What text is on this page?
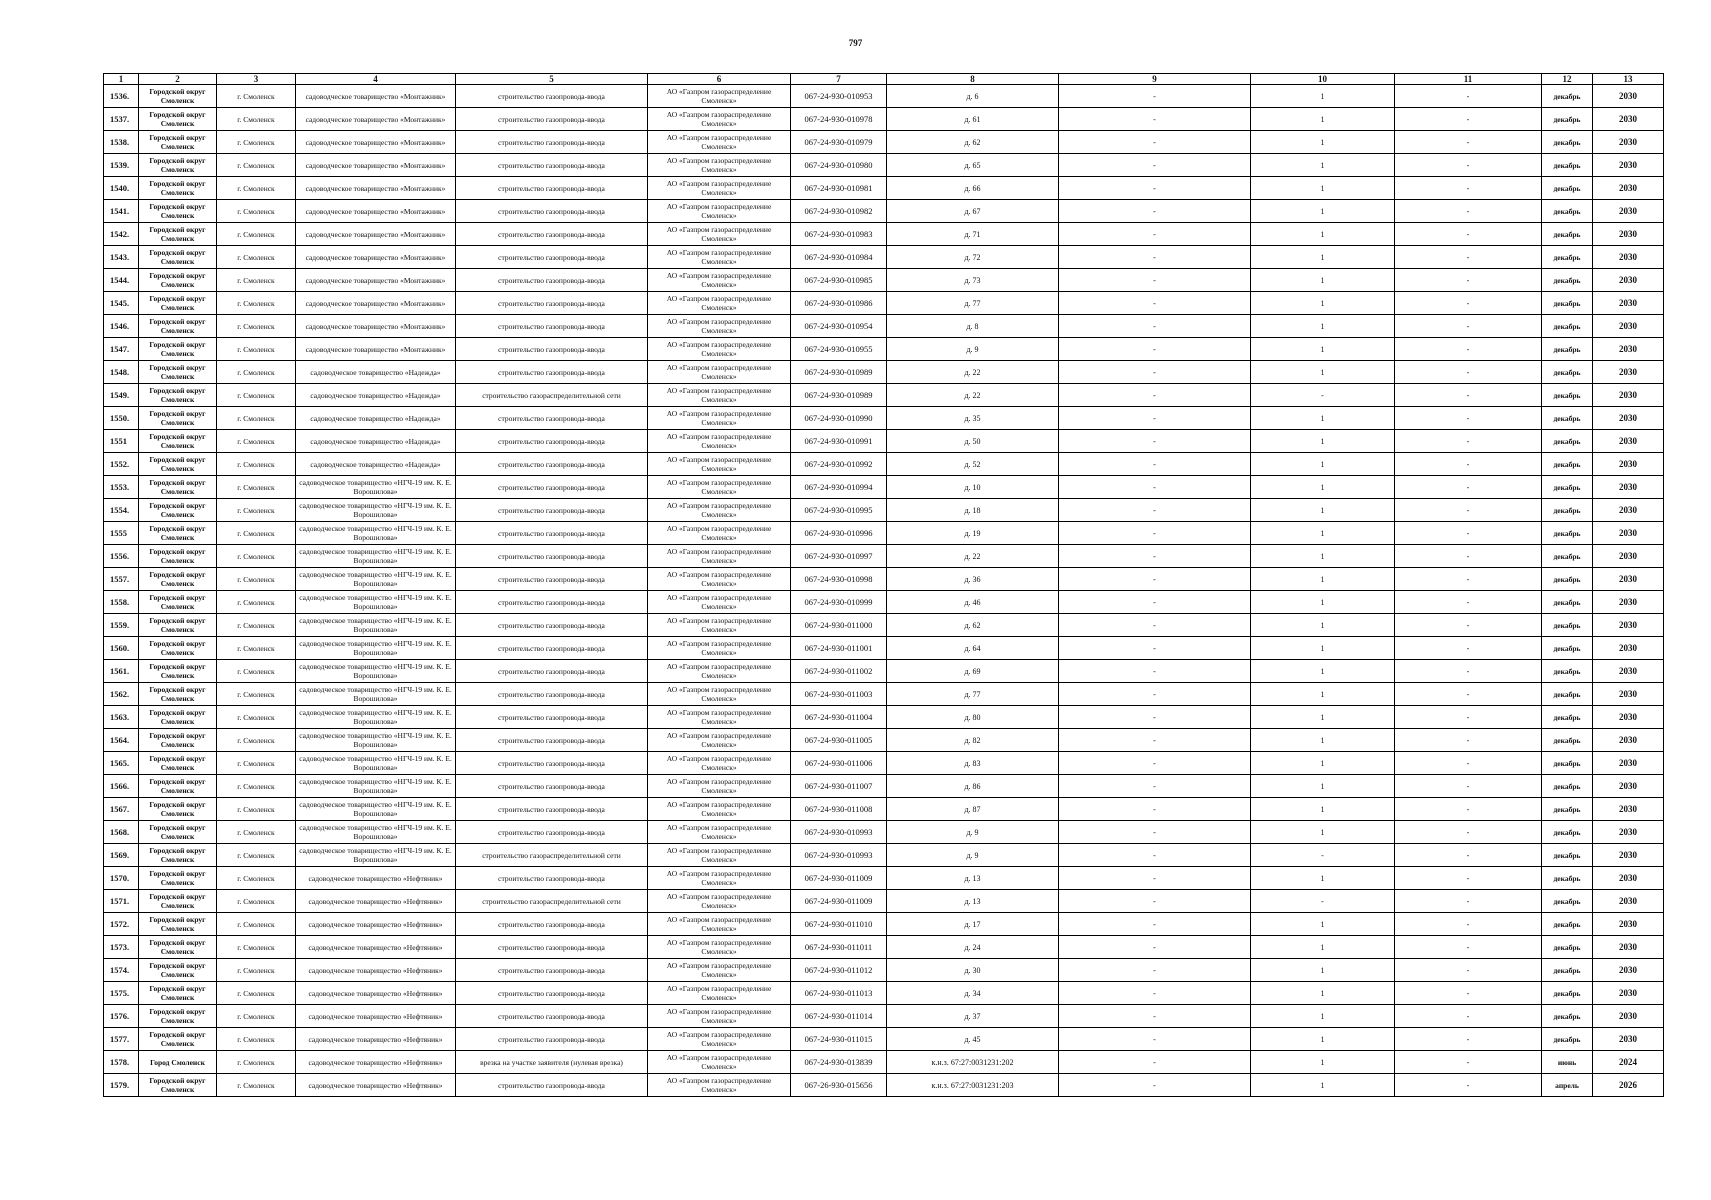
797
1	2	3	4	5	6	7	8	9	10	11	12	13
1536.	Городской округ Смоленск	г. Смоленск	садоводческое товарищество «Монтажник»	строительство газопровода-ввода	АО «Газпром газораспределение Смоленск»	067-24-930-010953	д. 6	-	1	-	декабрь	2030
1537.	Городской округ Смоленск	г. Смоленск	садоводческое товарищество «Монтажник»	строительство газопровода-ввода	АО «Газпром газораспределение Смоленск»	067-24-930-010978	д. 61	-	1	-	декабрь	2030
1538.	Городской округ Смоленск	г. Смоленск	садоводческое товарищество «Монтажник»	строительство газопровода-ввода	АО «Газпром газораспределение Смоленск»	067-24-930-010979	д. 62	-	1	-	декабрь	2030
1539.	Городской округ Смоленск	г. Смоленск	садоводческое товарищество «Монтажник»	строительство газопровода-ввода	АО «Газпром газораспределение Смоленск»	067-24-930-010980	д. 65	-	1	-	декабрь	2030
1540.	Городской округ Смоленск	г. Смоленск	садоводческое товарищество «Монтажник»	строительство газопровода-ввода	АО «Газпром газораспределение Смоленск»	067-24-930-010981	д. 66	-	1	-	декабрь	2030
1541.	Городской округ Смоленск	г. Смоленск	садоводческое товарищество «Монтажник»	строительство газопровода-ввода	АО «Газпром газораспределение Смоленск»	067-24-930-010982	д. 67	-	1	-	декабрь	2030
1542.	Городской округ Смоленск	г. Смоленск	садоводческое товарищество «Монтажник»	строительство газопровода-ввода	АО «Газпром газораспределение Смоленск»	067-24-930-010983	д. 71	-	1	-	декабрь	2030
1543.	Городской округ Смоленск	г. Смоленск	садоводческое товарищество «Монтажник»	строительство газопровода-ввода	АО «Газпром газораспределение Смоленск»	067-24-930-010984	д. 72	-	1	-	декабрь	2030
1544.	Городской округ Смоленск	г. Смоленск	садоводческое товарищество «Монтажник»	строительство газопровода-ввода	АО «Газпром газораспределение Смоленск»	067-24-930-010985	д. 73	-	1	-	декабрь	2030
1545.	Городской округ Смоленск	г. Смоленск	садоводческое товарищество «Монтажник»	строительство газопровода-ввода	АО «Газпром газораспределение Смоленск»	067-24-930-010986	д. 77	-	1	-	декабрь	2030
1546.	Городской округ Смоленск	г. Смоленск	садоводческое товарищество «Монтажник»	строительство газопровода-ввода	АО «Газпром газораспределение Смоленск»	067-24-930-010954	д. 8	-	1	-	декабрь	2030
1547.	Городской округ Смоленск	г. Смоленск	садоводческое товарищество «Монтажник»	строительство газопровода-ввода	АО «Газпром газораспределение Смоленск»	067-24-930-010955	д. 9	-	1	-	декабрь	2030
1548.	Городской округ Смоленск	г. Смоленск	садоводческое товарищество «Надежда»	строительство газопровода-ввода	АО «Газпром газораспределение Смоленск»	067-24-930-010989	д. 22	-	1	-	декабрь	2030
1549.	Городской округ Смоленск	г. Смоленск	садоводческое товарищество «Надежда»	строительство газораспределительной сети	АО «Газпром газораспределение Смоленск»	067-24-930-010989	д. 22	-	-	-	декабрь	2030
1550.	Городской округ Смоленск	г. Смоленск	садоводческое товарищество «Надежда»	строительство газопровода-ввода	АО «Газпром газораспределение Смоленск»	067-24-930-010990	д. 35	-	1	-	декабрь	2030
1551	Городской округ Смоленск	г. Смоленск	садоводческое товарищество «Надежда»	строительство газопровода-ввода	АО «Газпром газораспределение Смоленск»	067-24-930-010991	д. 50	-	1	-	декабрь	2030
1552.	Городской округ Смоленск	г. Смоленск	садоводческое товарищество «Надежда»	строительство газопровода-ввода	АО «Газпром газораспределение Смоленск»	067-24-930-010992	д. 52	-	1	-	декабрь	2030
1553.	Городской округ Смоленск	г. Смоленск	садоводческое товарищество «НГЧ-19 им. К. Е. Ворошилова»	строительство газопровода-ввода	АО «Газпром газораспределение Смоленск»	067-24-930-010994	д. 10	-	1	-	декабрь	2030
1554.	Городской округ Смоленск	г. Смоленск	садоводческое товарищество «НГЧ-19 им. К. Е. Ворошилова»	строительство газопровода-ввода	АО «Газпром газораспределение Смоленск»	067-24-930-010995	д. 18	-	1	-	декабрь	2030
1555	Городской округ Смоленск	г. Смоленск	садоводческое товарищество «НГЧ-19 им. К. Е. Ворошилова»	строительство газопровода-ввода	АО «Газпром газораспределение Смоленск»	067-24-930-010996	д. 19	-	1	-	декабрь	2030
1556.	Городской округ Смоленск	г. Смоленск	садоводческое товарищество «НГЧ-19 им. К. Е. Ворошилова»	строительство газопровода-ввода	АО «Газпром газораспределение Смоленск»	067-24-930-010997	д. 22	-	1	-	декабрь	2030
1557.	Городской округ Смоленск	г. Смоленск	садоводческое товарищество «НГЧ-19 им. К. Е. Ворошилова»	строительство газопровода-ввода	АО «Газпром газораспределение Смоленск»	067-24-930-010998	д. 36	-	1	-	декабрь	2030
1558.	Городской округ Смоленск	г. Смоленск	садоводческое товарищество «НГЧ-19 им. К. Е. Ворошилова»	строительство газопровода-ввода	АО «Газпром газораспределение Смоленск»	067-24-930-010999	д. 46	-	1	-	декабрь	2030
1559.	Городской округ Смоленск	г. Смоленск	садоводческое товарищество «НГЧ-19 им. К. Е. Ворошилова»	строительство газопровода-ввода	АО «Газпром газораспределение Смоленск»	067-24-930-011000	д. 62	-	1	-	декабрь	2030
1560.	Городской округ Смоленск	г. Смоленск	садоводческое товарищество «НГЧ-19 им. К. Е. Ворошилова»	строительство газопровода-ввода	АО «Газпром газораспределение Смоленск»	067-24-930-011001	д. 64	-	1	-	декабрь	2030
1561.	Городской округ Смоленск	г. Смоленск	садоводческое товарищество «НГЧ-19 им. К. Е. Ворошилова»	строительство газопровода-ввода	АО «Газпром газораспределение Смоленск»	067-24-930-011002	д. 69	-	1	-	декабрь	2030
1562.	Городской округ Смоленск	г. Смоленск	садоводческое товарищество «НГЧ-19 им. К. Е. Ворошилова»	строительство газопровода-ввода	АО «Газпром газораспределение Смоленск»	067-24-930-011003	д. 77	-	1	-	декабрь	2030
1563.	Городской округ Смоленск	г. Смоленск	садоводческое товарищество «НГЧ-19 им. К. Е. Ворошилова»	строительство газопровода-ввода	АО «Газпром газораспределение Смоленск»	067-24-930-011004	д. 80	-	1	-	декабрь	2030
1564.	Городской округ Смоленск	г. Смоленск	садоводческое товарищество «НГЧ-19 им. К. Е. Ворошилова»	строительство газопровода-ввода	АО «Газпром газораспределение Смоленск»	067-24-930-011005	д. 82	-	1	-	декабрь	2030
1565.	Городской округ Смоленск	г. Смоленск	садоводческое товарищество «НГЧ-19 им. К. Е. Ворошилова»	строительство газопровода-ввода	АО «Газпром газораспределение Смоленск»	067-24-930-011006	д. 83	-	1	-	декабрь	2030
1566.	Городской округ Смоленск	г. Смоленск	садоводческое товарищество «НГЧ-19 им. К. Е. Ворошилова»	строительство газопровода-ввода	АО «Газпром газораспределение Смоленск»	067-24-930-011007	д. 86	-	1	-	декабрь	2030
1567.	Городской округ Смоленск	г. Смоленск	садоводческое товарищество «НГЧ-19 им. К. Е. Ворошилова»	строительство газопровода-ввода	АО «Газпром газораспределение Смоленск»	067-24-930-011008	д. 87	-	1	-	декабрь	2030
1568.	Городской округ Смоленск	г. Смоленск	садоводческое товарищество «НГЧ-19 им. К. Е. Ворошилова»	строительство газопровода-ввода	АО «Газпром газораспределение Смоленск»	067-24-930-010993	д. 9	-	1	-	декабрь	2030
1569.	Городской округ Смоленск	г. Смоленск	садоводческое товарищество «НГЧ-19 им. К. Е. Ворошилова»	строительство газораспределительной сети	АО «Газпром газораспределение Смоленск»	067-24-930-010993	д. 9	-	-	-	декабрь	2030
1570.	Городской округ Смоленск	г. Смоленск	садоводческое товарищество «Нефтяник»	строительство газопровода-ввода	АО «Газпром газораспределение Смоленск»	067-24-930-011009	д. 13	-	1	-	декабрь	2030
1571.	Городской округ Смоленск	г. Смоленск	садоводческое товарищество «Нефтяник»	строительство газораспределительной сети	АО «Газпром газораспределение Смоленск»	067-24-930-011009	д. 13	-	-	-	декабрь	2030
1572.	Городской округ Смоленск	г. Смоленск	садоводческое товарищество «Нефтяник»	строительство газопровода-ввода	АО «Газпром газораспределение Смоленск»	067-24-930-011010	д. 17	-	1	-	декабрь	2030
1573.	Городской округ Смоленск	г. Смоленск	садоводческое товарищество «Нефтяник»	строительство газопровода-ввода	АО «Газпром газораспределение Смоленск»	067-24-930-011011	д. 24	-	1	-	декабрь	2030
1574.	Городской округ Смоленск	г. Смоленск	садоводческое товарищество «Нефтяник»	строительство газопровода-ввода	АО «Газпром газораспределение Смоленск»	067-24-930-011012	д. 30	-	1	-	декабрь	2030
1575.	Городской округ Смоленск	г. Смоленск	садоводческое товарищество «Нефтяник»	строительство газопровода-ввода	АО «Газпром газораспределение Смоленск»	067-24-930-011013	д. 34	-	1	-	декабрь	2030
1576.	Городской округ Смоленск	г. Смоленск	садоводческое товарищество «Нефтяник»	строительство газопровода-ввода	АО «Газпром газораспределение Смоленск»	067-24-930-011014	д. 37	-	1	-	декабрь	2030
1577.	Городской округ Смоленск	г. Смоленск	садоводческое товарищество «Нефтяник»	строительство газопровода-ввода	АО «Газпром газораспределение Смоленск»	067-24-930-011015	д. 45	-	1	-	декабрь	2030
1578.	Город Смоленск	г. Смоленск	садоводческое товарищество «Нефтяник»	врезка на участке заявителя (нулевая врезка)	АО «Газпром газораспределение Смоленск»	067-24-930-013839	к.н.з. 67:27:0031231:202	-	1	-	июнь	2024
1579.	Городской округ Смоленск	г. Смоленск	садоводческое товарищество «Нефтяник»	строительство газопровода-ввода	АО «Газпром газораспределение Смоленск»	067-26-930-015656	к.н.з. 67:27:0031231:203	-	1	-	апрель	2026
